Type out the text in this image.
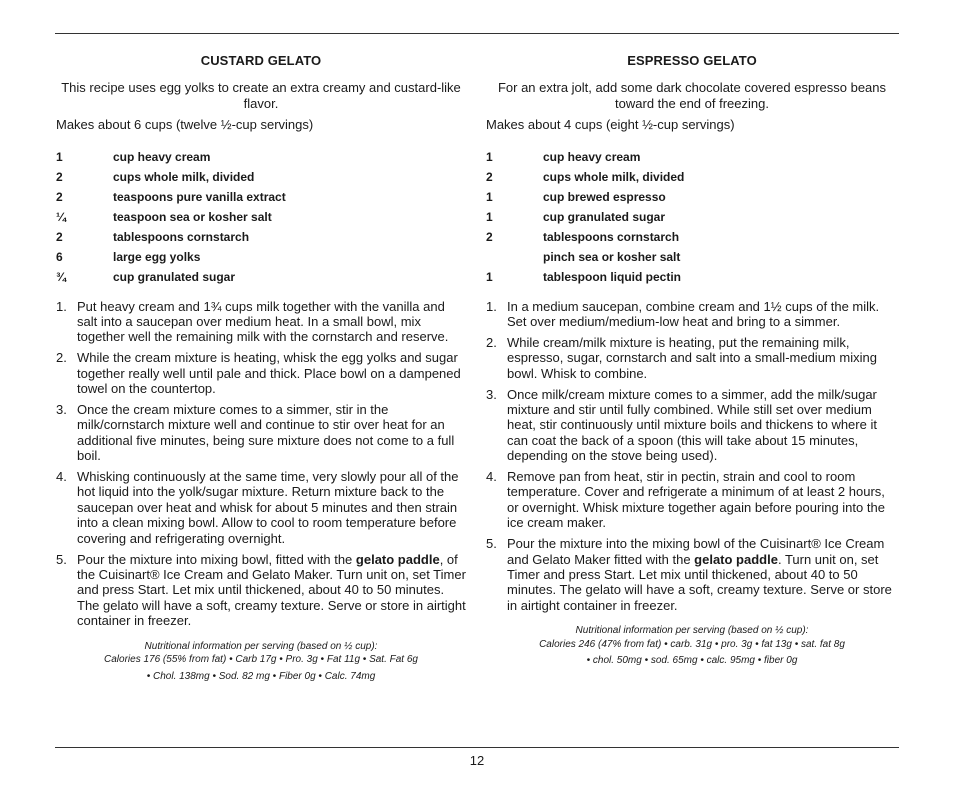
CUSTARD GELATO
This recipe uses egg yolks to create an extra creamy and custard-like flavor.
Makes about 6 cups (twelve ½-cup servings)
1	cup heavy cream
2	cups whole milk, divided
2	teaspoons pure vanilla extract
¼	teaspoon sea or kosher salt
2	tablespoons cornstarch
6	large egg yolks
¾	cup granulated sugar
1. Put heavy cream and 1¾ cups milk together with the vanilla and salt into a saucepan over medium heat. In a small bowl, mix together well the remaining milk with the cornstarch and reserve.
2. While the cream mixture is heating, whisk the egg yolks and sugar together really well until pale and thick. Place bowl on a dampened towel on the countertop.
3. Once the cream mixture comes to a simmer, stir in the milk/cornstarch mixture well and continue to stir over heat for an additional five minutes, being sure mixture does not come to a full boil.
4. Whisking continuously at the same time, very slowly pour all of the hot liquid into the yolk/sugar mixture. Return mixture back to the saucepan over heat and whisk for about 5 minutes and then strain into a clean mixing bowl. Allow to cool to room temperature before covering and refrigerating overnight.
5. Pour the mixture into mixing bowl, fitted with the gelato paddle, of the Cuisinart® Ice Cream and Gelato Maker. Turn unit on, set Timer and press Start. Let mix until thickened, about 40 to 50 minutes. The gelato will have a soft, creamy texture. Serve or store in airtight container in freezer.
Nutritional information per serving (based on ½ cup):
Calories 176 (55% from fat) • Carb 17g • Pro. 3g • Fat 11g • Sat. Fat 6g
• Chol. 138mg • Sod. 82 mg • Fiber 0g • Calc. 74mg
ESPRESSO GELATO
For an extra jolt, add some dark chocolate covered espresso beans toward the end of freezing.
Makes about 4 cups (eight ½-cup servings)
1	cup heavy cream
2	cups whole milk, divided
1	cup brewed espresso
1	cup granulated sugar
2	tablespoons cornstarch
pinch sea or kosher salt
1	tablespoon liquid pectin
1. In a medium saucepan, combine cream and 1½ cups of the milk. Set over medium/medium-low heat and bring to a simmer.
2. While cream/milk mixture is heating, put the remaining milk, espresso, sugar, cornstarch and salt into a small-medium mixing bowl. Whisk to combine.
3. Once milk/cream mixture comes to a simmer, add the milk/sugar mixture and stir until fully combined. While still set over medium heat, stir continuously until mixture boils and thickens to where it can coat the back of a spoon (this will take about 15 minutes, depending on the stove being used).
4. Remove pan from heat, stir in pectin, strain and cool to room temperature. Cover and refrigerate a minimum of at least 2 hours, or overnight. Whisk mixture together again before pouring into the ice cream maker.
5. Pour the mixture into the mixing bowl of the Cuisinart® Ice Cream and Gelato Maker fitted with the gelato paddle. Turn unit on, set Timer and press Start. Let mix until thickened, about 40 to 50 minutes. The gelato will have a soft, creamy texture. Serve or store in airtight container in freezer.
Nutritional information per serving (based on ½ cup):
Calories 246 (47% from fat) • carb. 31g • pro. 3g • fat 13g • sat. fat 8g
• chol. 50mg • sod. 65mg • calc. 95mg • fiber 0g
12
